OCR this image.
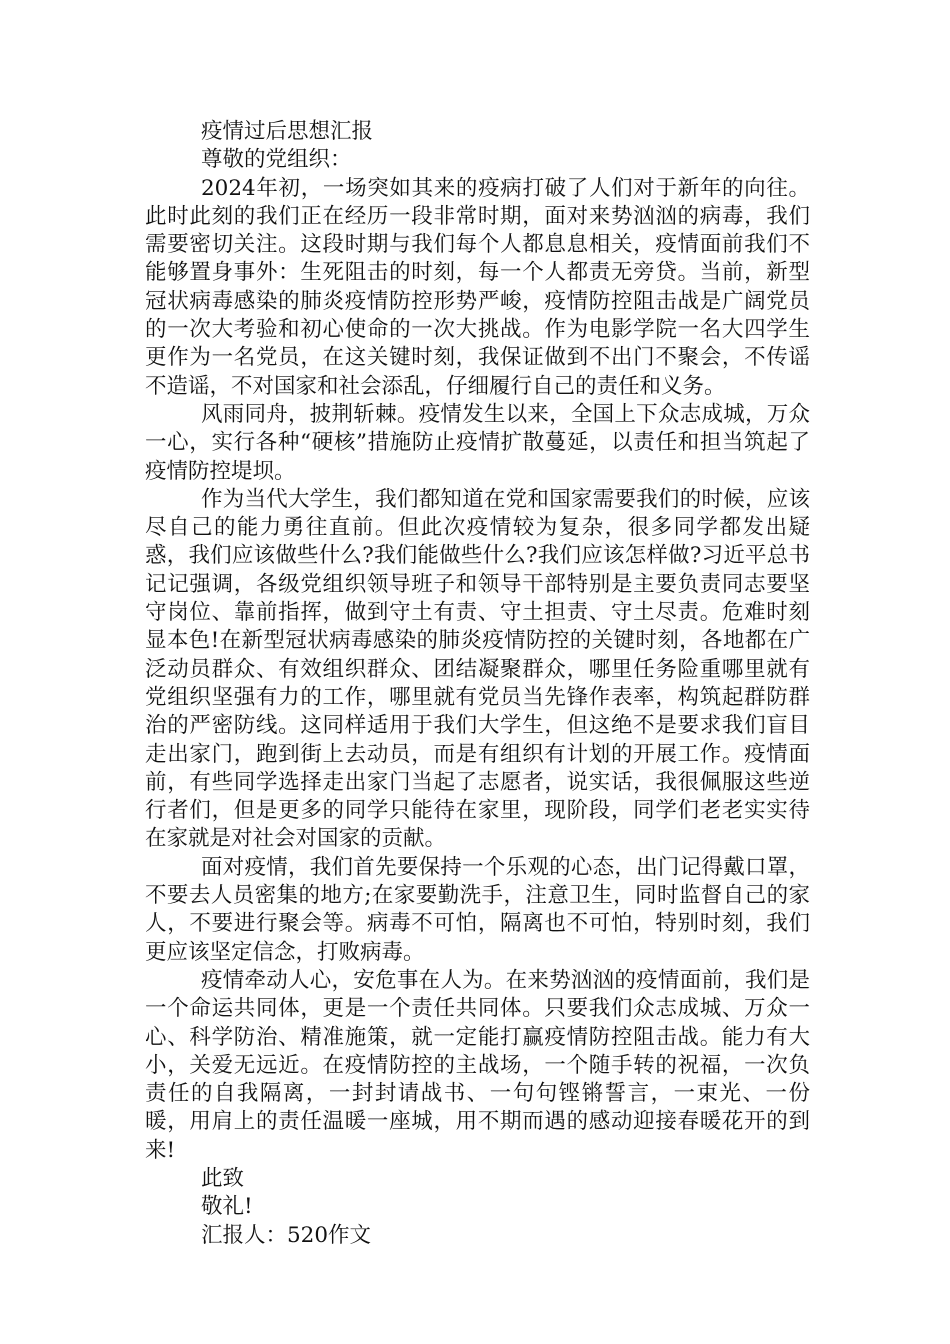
疫情过后思想汇报

尊敬的党组织：

2024年初，一场突如其来的疫病打破了人们对于新年的向往。此时此刻的我们正在经历一段非常时期，面对来势汹汹的病毒，我们需要密切关注。这段时期与我们每个人都息息相关，疫情面前我们不能够置身事外：生死阻击的时刻，每一个人都责无旁贷。当前，新型冠状病毒感染的肺炎疫情防控形势严峻，疫情防控阻击战是广阔党员的一次大考验和初心使命的一次大挑战。作为电影学院一名大四学生更作为一名党员，在这关键时刻，我保证做到不出门不聚会，不传谣不造谣，不对国家和社会添乱，仔细履行自己的责任和义务。

风雨同舟，披荆斩棘。疫情发生以来，全国上下众志成城，万众一心，实行各种“硬核”措施防止疫情扩散蔓延，以责任和担当筑起了疫情防控堤坝。

作为当代大学生，我们都知道在党和国家需要我们的时候，应该尽自己的能力勇往直前。但此次疫情较为复杂，很多同学都发出疑惑，我们应该做些什么?我们能做些什么?我们应该怎样做?习近平总书记记强调，各级党组织领导班子和领导干部特别是主要负责同志要坚守岗位、靠前指挥，做到守土有责、守土担责、守土尽责。危难时刻显本色!在新型冠状病毒感染的肺炎疫情防控的关键时刻，各地都在广泛动员群众、有效组织群众、团结凝聚群众，哪里任务险重哪里就有党组织坚强有力的工作，哪里就有党员当先锋作表率，构筑起群防群治的严密防线。这同样适用于我们大学生，但这绝不是要求我们盲目走出家门，跑到街上去动员，而是有组织有计划的开展工作。疫情面前，有些同学选择走出家门当起了志愿者，说实话，我很佩服这些逆行者们，但是更多的同学只能待在家里，现阶段，同学们老老实实待在家就是对社会对国家的贡献。

面对疫情，我们首先要保持一个乐观的心态，出门记得戴口罩，不要去人员密集的地方;在家要勤洗手，注意卫生，同时监督自己的家人，不要进行聚会等。病毒不可怕，隔离也不可怕，特别时刻，我们更应该坚定信念，打败病毒。

疫情牵动人心，安危事在人为。在来势汹汹的疫情面前，我们是一个命运共同体，更是一个责任共同体。只要我们众志成城、万众一心、科学防治、精准施策，就一定能打赢疫情防控阻击战。能力有大小，关爱无远近。在疫情防控的主战场，一个随手转的祝福，一次负责任的自我隔离，一封封请战书、一句句铿锵誓言，一束光、一份暖，用肩上的责任温暖一座城，用不期而遇的感动迎接春暖花开的到来!

此致

敬礼!

汇报人：520作文
